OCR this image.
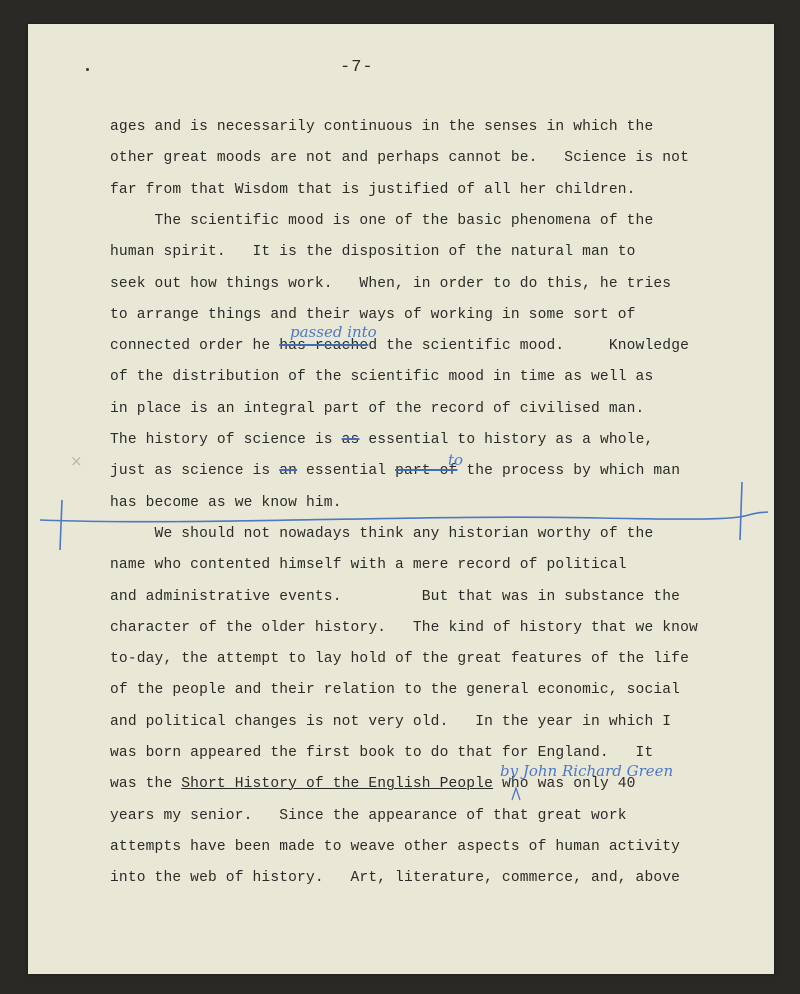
-7-
×
ages and is necessarily continuous in the senses in which the
other great moods are not and perhaps cannot be.   Science is not
far from that Wisdom that is justified of all her children.
The scientific mood is one of the basic phenomena of the
human spirit.   It is the disposition of the natural man to
seek out how things work.   When, in order to do this, he tries
to arrange things and their ways of working in some sort of
connected order he has reached the scientific mood.     Knowledge
of the distribution of the scientific mood in time as well as
in place is an integral part of the record of civilised man.
The history of science is as essential to history as a whole,
just as science is an essential part of the process by which man
has become as we know him.
We should not nowadays think any historian worthy of the
name who contented himself with a mere record of political
and administrative events.         But that was in substance the
character of the older history.   The kind of history that we know
to-day, the attempt to lay hold of the great features of the life
of the people and their relation to the general economic, social
and political changes is not very old.   In the year in which I
was born appeared the first book to do that for England.   It
was the Short History of the English People who was only 40
years my senior.   Since the appearance of that great work
attempts have been made to weave other aspects of human activity
into the web of history.   Art, literature, commerce, and, above
passed into
to
by John Richard Green
